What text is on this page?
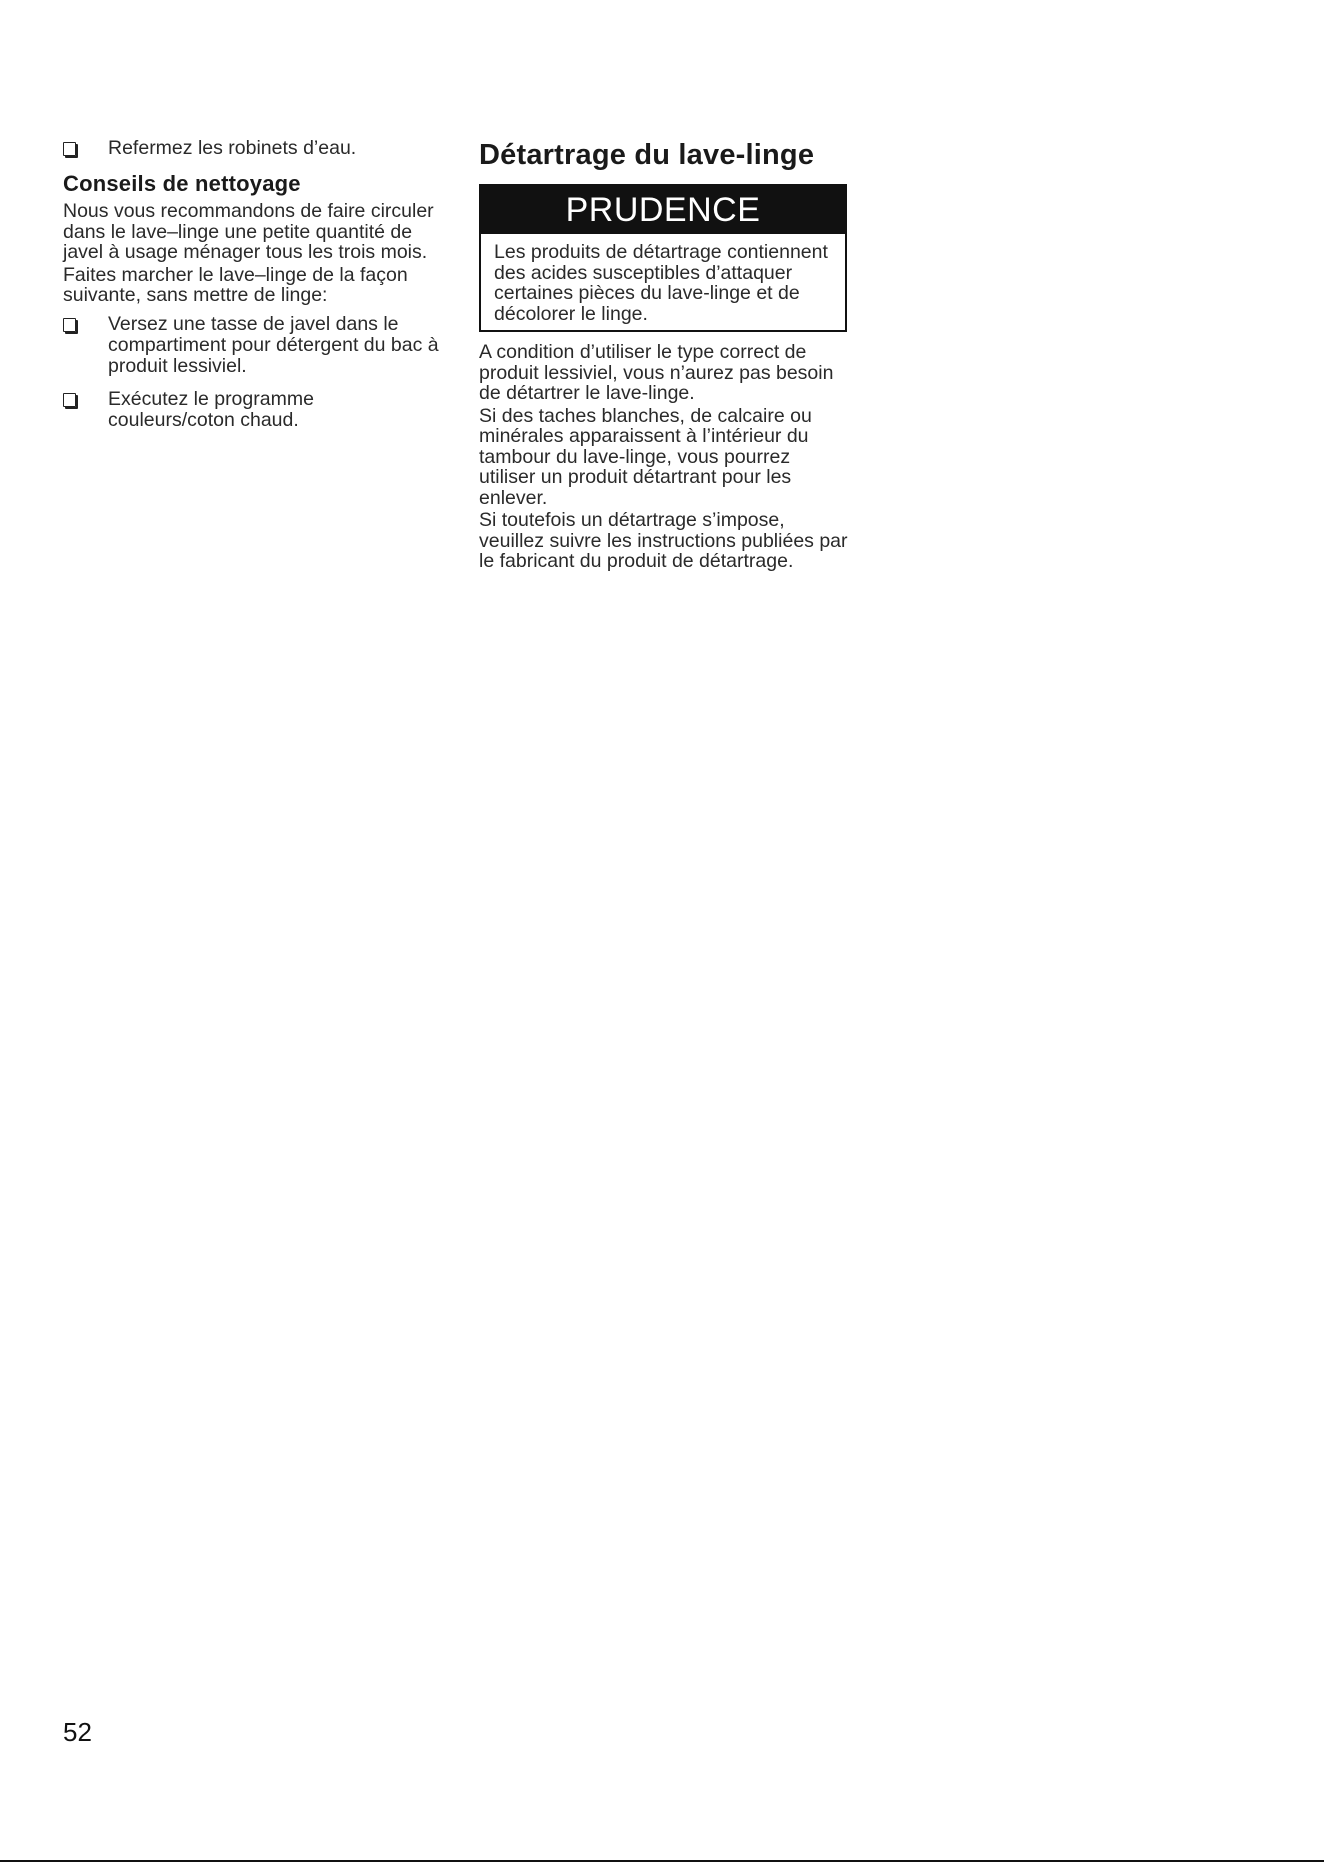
Refermez les robinets d’eau.
Conseils de nettoyage

Nous vous recommandons de faire circuler dans le lave–linge une petite quantité de javel à usage ménager tous les trois mois.

Faites marcher le lave–linge de la façon suivante, sans mettre de linge:

Versez une tasse de javel dans le compartiment pour détergent du bac à produit lessiviel.
Exécutez le programme couleurs/coton chaud.
Détartrage du lave-linge
PRUDENCE
Les produits de détartrage contiennent des acides susceptibles d’attaquer certaines pièces du lave-linge et de décolorer le linge.

A condition d’utiliser le type correct de produit lessiviel, vous n’aurez pas besoin de détartrer le lave-linge.

Si des taches blanches, de calcaire ou minérales apparaissent à l’intérieur du tambour du lave-linge, vous pourrez utiliser un produit détartrant pour les enlever.

Si toutefois un détartrage s’impose, veuillez suivre les instructions publiées par le fabricant du produit de détartrage.

52
